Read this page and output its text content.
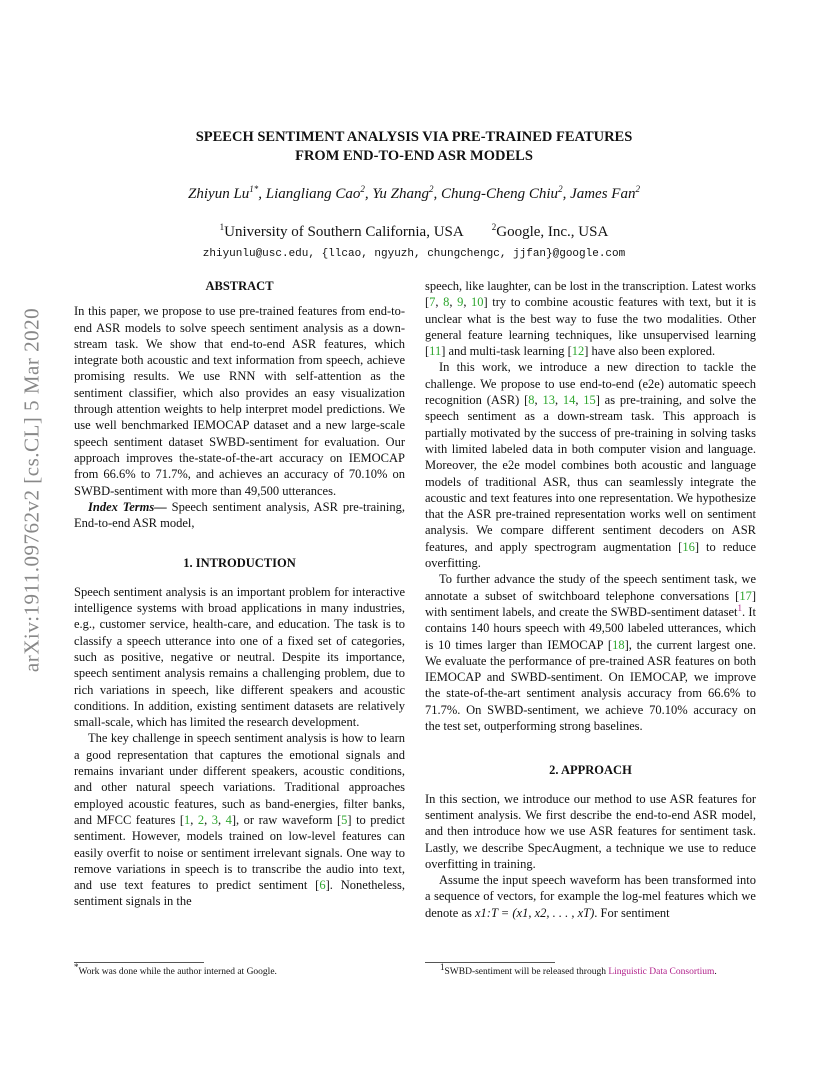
arXiv:1911.09762v2 [cs.CL] 5 Mar 2020
SPEECH SENTIMENT ANALYSIS VIA PRE-TRAINED FEATURES
FROM END-TO-END ASR MODELS
Zhiyun $Lu^{1*}$, Liangliang Cao$^2$, Yu Zhang$^2$, Chung-Cheng Chiu$^2$, James Fan$^2$
$^1$University of Southern California, USA	$^2$Google, Inc., USA
zhiyunlu@usc.edu, {llcao, ngyuzh, chungchengc, jjfan}@google.com
ABSTRACT

In this paper, we propose to use pre-trained features from end-to-end ASR models to solve speech sentiment analysis as a down-stream task. We show that end-to-end ASR features, which integrate both acoustic and text information from speech, achieve promising results. We use RNN with self-attention as the sentiment classifier, which also provides an easy visualization through attention weights to help interpret model predictions. We use well benchmarked IEMOCAP dataset and a new large-scale speech sentiment dataset SWBD-sentiment for evaluation. Our approach improves the-state-of-the-art accuracy on IEMOCAP from 66.6% to 71.7%, and achieves an accuracy of 70.10% on SWBD-sentiment with more than 49,500 utterances.

Index Terms— Speech sentiment analysis, ASR pre-training, End-to-end ASR model,

1. INTRODUCTION

Speech sentiment analysis is an important problem for interactive intelligence systems with broad applications in many industries, e.g., customer service, health-care, and education. The task is to classify a speech utterance into one of a fixed set of categories, such as positive, negative or neutral. Despite its importance, speech sentiment analysis remains a challenging problem, due to rich variations in speech, like different speakers and acoustic conditions. In addition, existing sentiment datasets are relatively small-scale, which has limited the research development.

The key challenge in speech sentiment analysis is how to learn a good representation that captures the emotional signals and remains invariant under different speakers, acoustic conditions, and other natural speech variations. Traditional approaches employed acoustic features, such as band-energies, filter banks, and MFCC features [1, 2, 3, 4], or raw waveform [5] to predict sentiment. However, models trained on low-level features can easily overfit to noise or sentiment irrelevant signals. One way to remove variations in speech is to transcribe the audio into text, and use text features to predict sentiment [6]. Nonetheless, sentiment signals in the

speech, like laughter, can be lost in the transcription. Latest works [7, 8, 9, 10] try to combine acoustic features with text, but it is unclear what is the best way to fuse the two modalities. Other general feature learning techniques, like unsupervised learning [11] and multi-task learning [12] have also been explored.

In this work, we introduce a new direction to tackle the challenge. We propose to use end-to-end (e2e) automatic speech recognition (ASR) [8, 13, 14, 15] as pre-training, and solve the speech sentiment as a down-stream task. This approach is partially motivated by the success of pre-training in solving tasks with limited labeled data in both computer vision and language. Moreover, the e2e model combines both acoustic and language models of traditional ASR, thus can seamlessly integrate the acoustic and text features into one representation. We hypothesize that the ASR pre-trained representation works well on sentiment analysis. We compare different sentiment decoders on ASR features, and apply spectrogram augmentation [16] to reduce overfitting.

To further advance the study of the speech sentiment task, we annotate a subset of switchboard telephone conversations [17] with sentiment labels, and create the SWBD-sentiment dataset$^1$. It contains 140 hours speech with 49,500 labeled utterances, which is 10 times larger than IEMOCAP [18], the current largest one. We evaluate the performance of pre-trained ASR features on both IEMOCAP and SWBD-sentiment. On IEMOCAP, we improve the state-of-the-art sentiment analysis accuracy from 66.6% to 71.7%. On SWBD-sentiment, we achieve 70.10% accuracy on the test set, outperforming strong baselines.

2. APPROACH

In this section, we introduce our method to use ASR features for sentiment analysis. We first describe the end-to-end ASR model, and then introduce how we use ASR features for sentiment task. Lastly, we describe SpecAugment, a technique we use to reduce overfitting in training.

Assume the input speech waveform has been transformed into a sequence of vectors, for example the log-mel features which we denote as x1:T = (x1, x2, . . . , xT). For sentiment

*Work was done while the author interned at Google.
$^1$SWBD-sentiment will be released through Linguistic Data Consortium.
